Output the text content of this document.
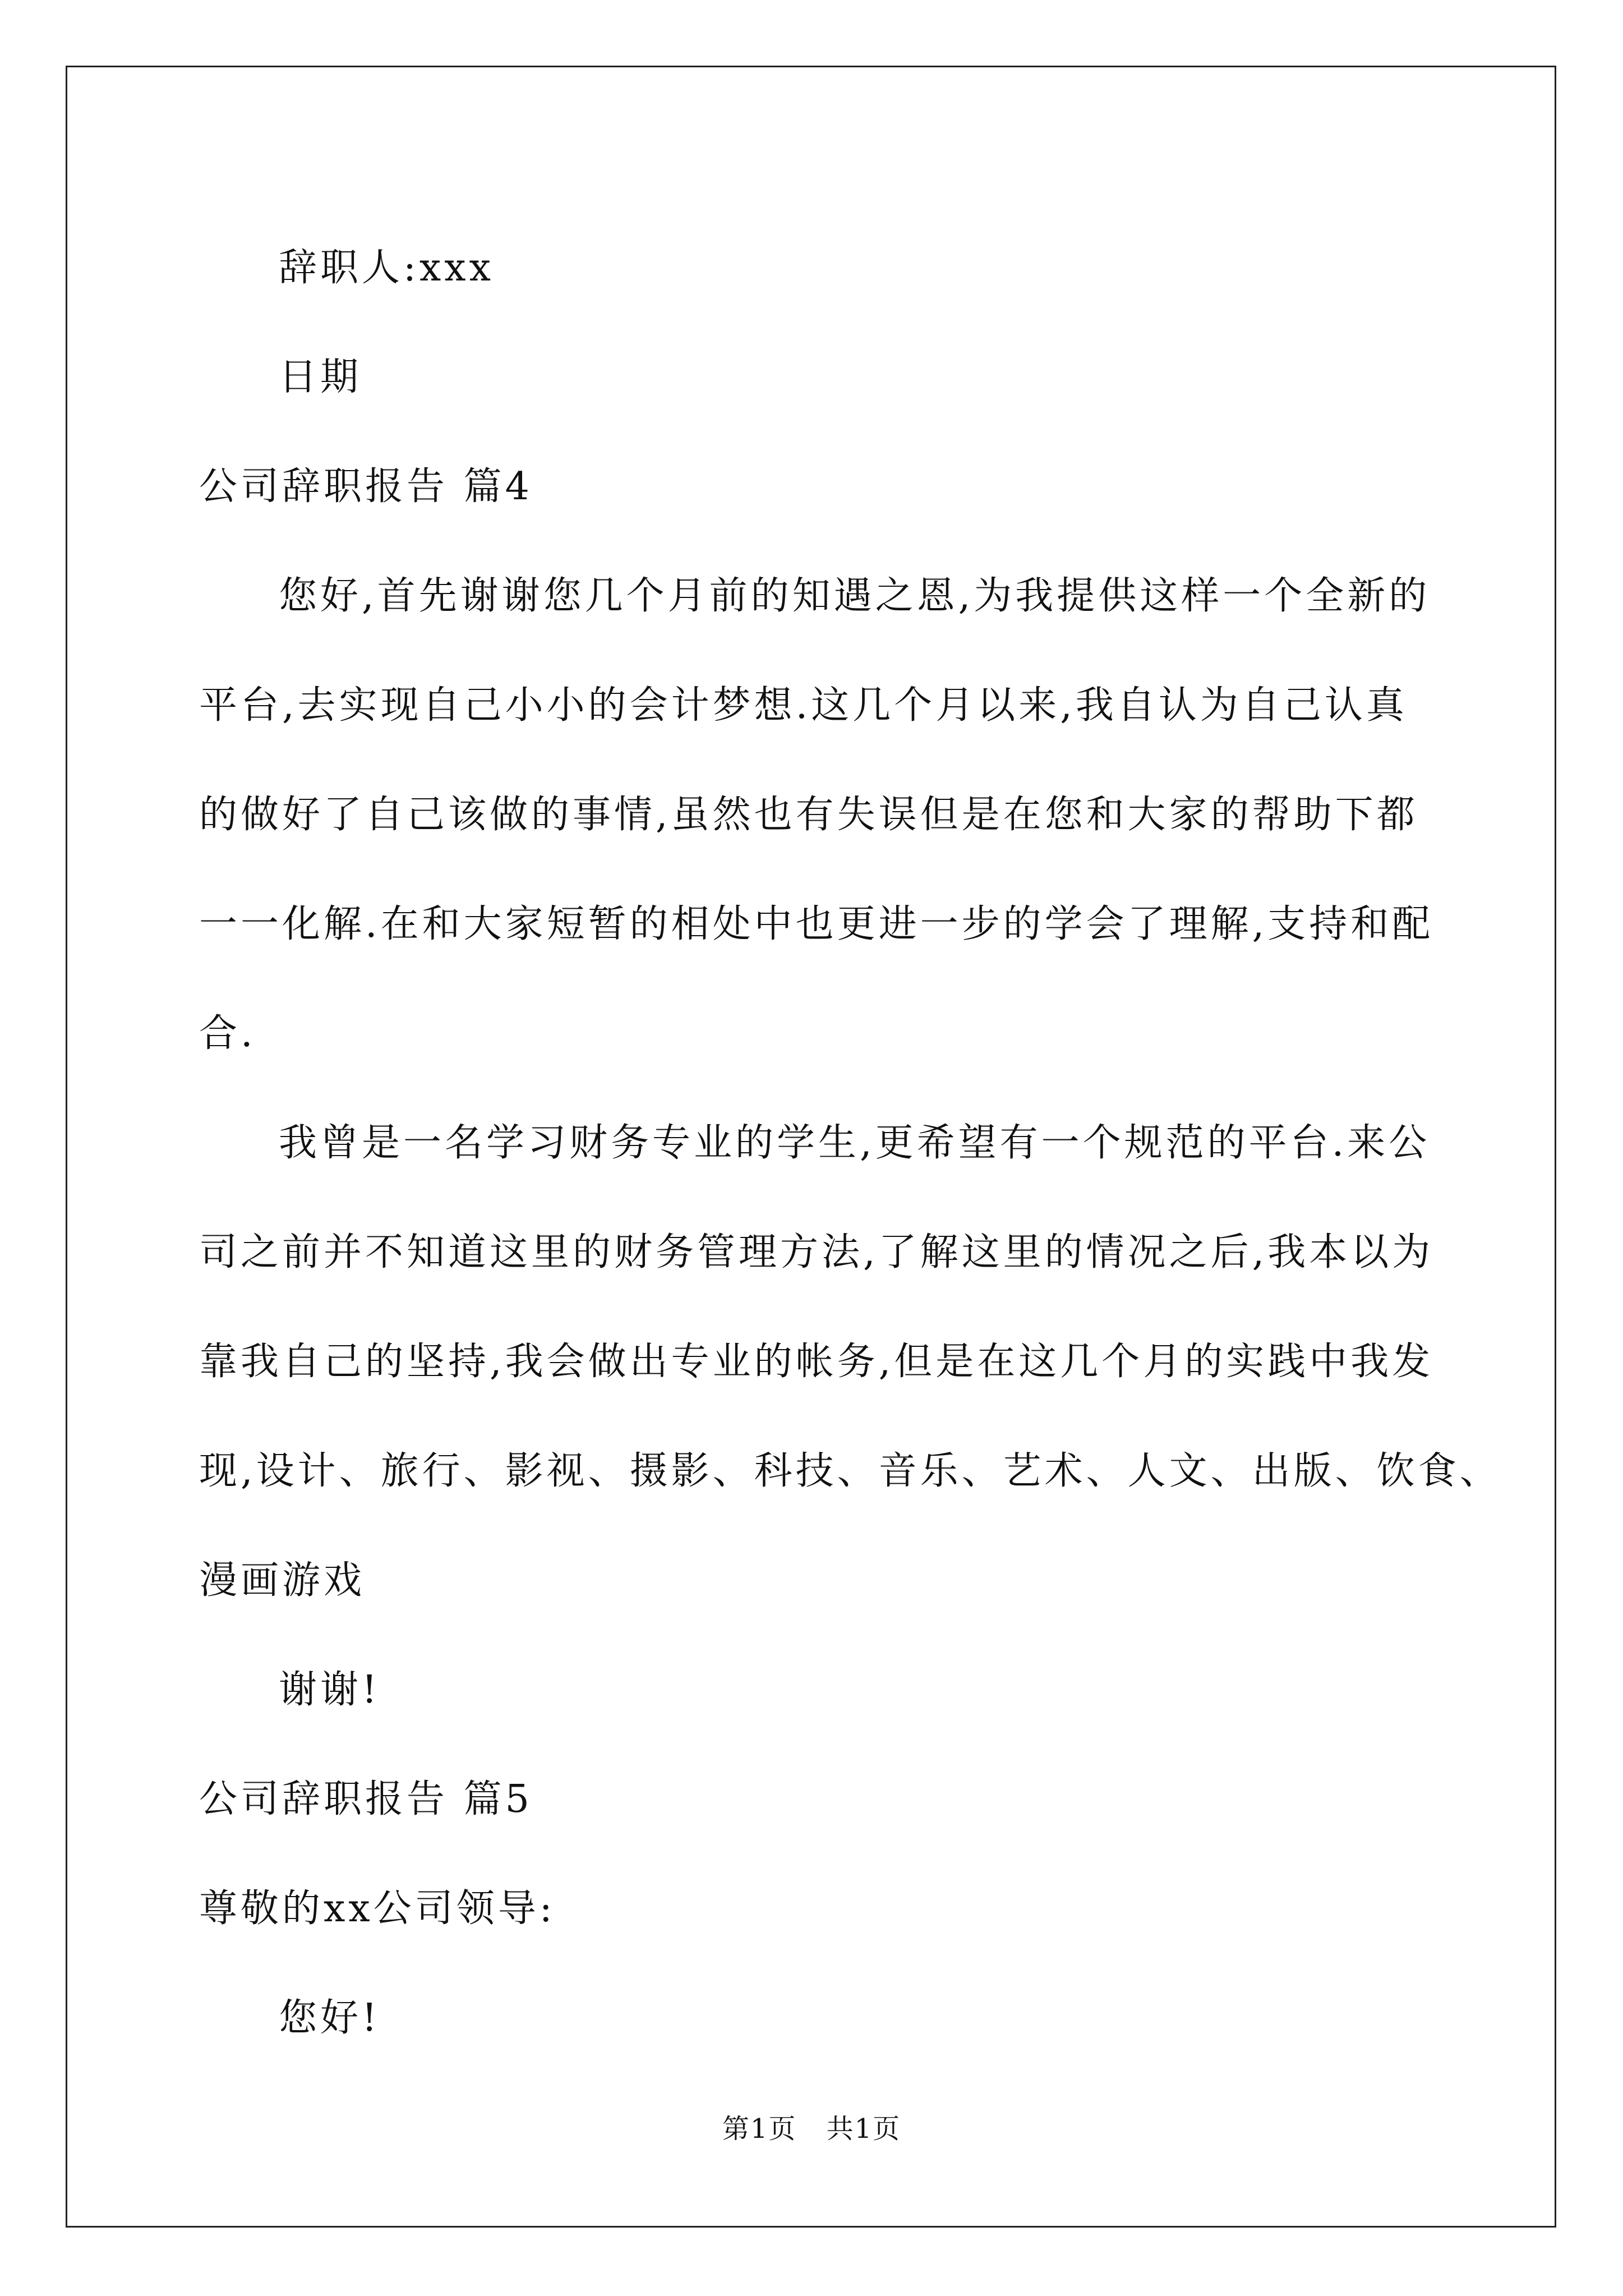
辞职人:xxx
日期
公司辞职报告 篇4
您好,首先谢谢您几个月前的知遇之恩,为我提供这样一个全新的
平台,去实现自己小小的会计梦想.这几个月以来,我自认为自己认真
的做好了自己该做的事情,虽然也有失误但是在您和大家的帮助下都
一一化解.在和大家短暂的相处中也更进一步的学会了理解,支持和配
合.
我曾是一名学习财务专业的学生,更希望有一个规范的平台.来公
司之前并不知道这里的财务管理方法,了解这里的情况之后,我本以为
靠我自己的坚持,我会做出专业的帐务,但是在这几个月的实践中我发
现,设计、旅行、影视、摄影、科技、音乐、艺术、人文、出版、饮食、
漫画游戏
谢谢!
公司辞职报告 篇5
尊敬的xx公司领导:
您好!
第1页 共1页
